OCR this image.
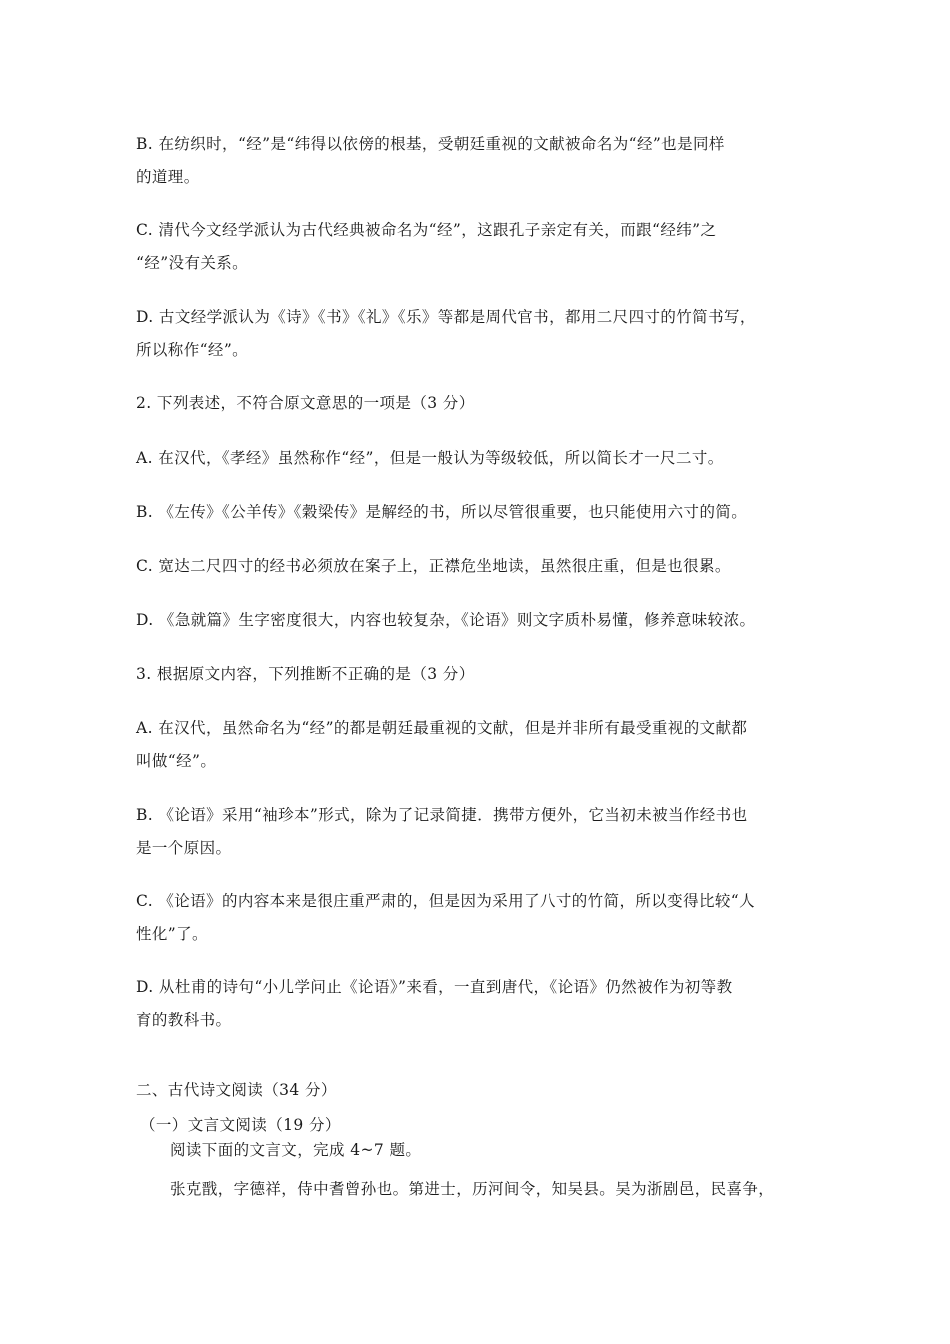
B. 在纺织时，“经”是“纬得以依傍的根基，受朝廷重视的文献被命名为“经”也是同样
的道理。
C. 清代今文经学派认为古代经典被命名为“经”，这跟孔子亲定有关，而跟“经纬”之
“经”没有关系。
D. 古文经学派认为《诗》《书》《礼》《乐》等都是周代官书，都用二尺四寸的竹简书写，
所以称作“经”。
2. 下列表述，不符合原文意思的一项是（3 分）
A. 在汉代，《孝经》虽然称作“经”，但是一般认为等级较低，所以简长才一尺二寸。
B. 《左传》《公羊传》《穀梁传》是解经的书，所以尽管很重要，也只能使用六寸的简。
C. 宽达二尺四寸的经书必须放在案子上，正襟危坐地读，虽然很庄重，但是也很累。
D. 《急就篇》生字密度很大，内容也较复杂，《论语》则文字质朴易懂，修养意味较浓。
3. 根据原文内容，下列推断不正确的是（3 分）
A. 在汉代，虽然命名为“经”的都是朝廷最重视的文献，但是并非所有最受重视的文献都
叫做“经”。
B. 《论语》采用“袖珍本”形式，除为了记录简捷．携带方便外，它当初未被当作经书也
是一个原因。
C. 《论语》的内容本来是很庄重严肃的，但是因为采用了八寸的竹简，所以变得比较“人
性化”了。
D. 从杜甫的诗句“小儿学问止《论语》”来看，一直到唐代，《论语》仍然被作为初等教
育的教科书。
二、古代诗文阅读（34 分）
（一）文言文阅读（19 分）
阅读下面的文言文，完成 4~7 题。
张克戬，字德祥，侍中耆曾孙也。第进士，历河间令，知吴县。吴为浙剧邑，民喜争，
